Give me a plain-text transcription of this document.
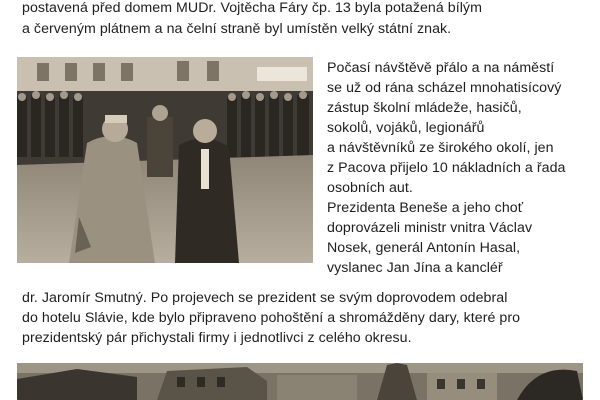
postavená před domem MUDr. Vojtěcha Fáry čp. 13 byla potažená bílým
a červeným plátnem a na čelní straně byl umístěn velký státní znak.
Počasí návštěvě přálo a na náměstí
se už od rána scházel mnohatisícový
zástup školní mládeže, hasičů,
sokolů, vojáků, legionářů
a návštěvníků ze širokého okolí, jen
z Pacova přijelo 10 nákladních a řada
osobních aut.
Prezidenta Beneše a jeho choť
doprovázeli ministr vnitra Václav
Nosek, generál Antonín Hasal,
vyslanec Jan Jína a kancléř
dr. Jaromír Smutný. Po projevech se prezident se svým doprovodem odebral
do hotelu Slávie, kde bylo připraveno pohoštění a shromážděny dary, které pro
prezidentský pár přichystali firmy i jednotlivci z celého okresu.
